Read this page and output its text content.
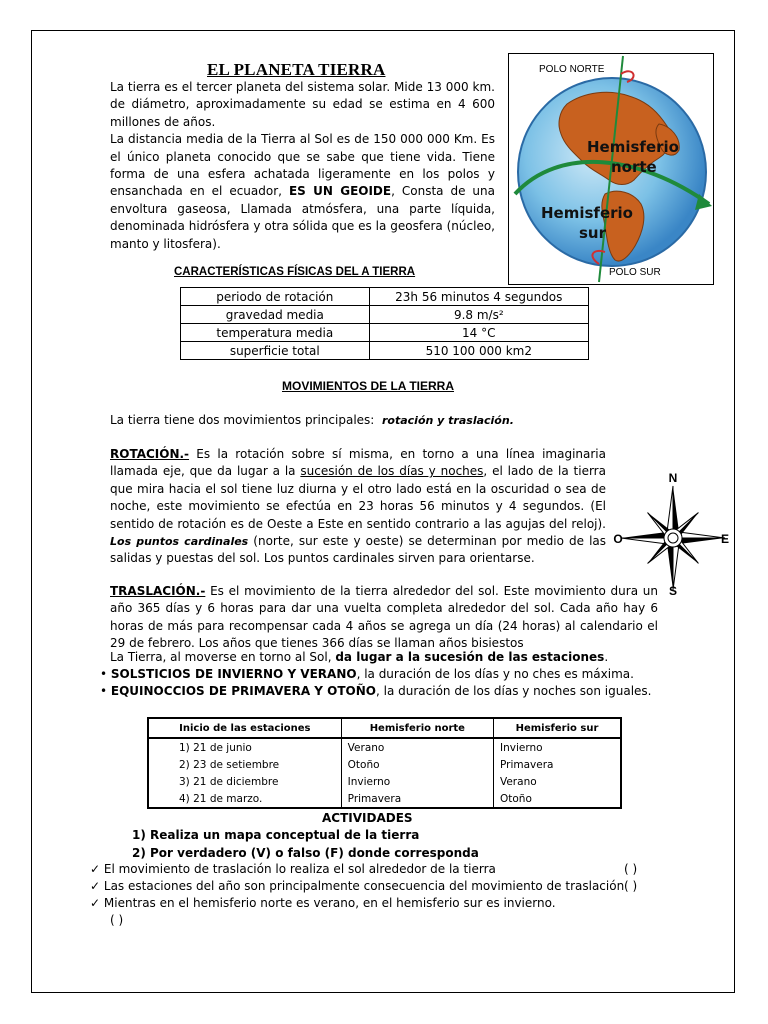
EL PLANETA TIERRA

La tierra es el tercer planeta del sistema solar. Mide 13 000 km. de diámetro, aproximadamente su edad se estima en 4 600 millones de años.

La distancia media de la Tierra al Sol es de 150 000 000 Km. Es el único planeta conocido que se sabe que tiene vida. Tiene forma de una esfera achatada ligeramente en los polos y ensanchada en el ecuador, ES UN GEOIDE, Consta de una envoltura gaseosa, Llamada atmósfera, una parte líquida, denominada hidrósfera y otra sólida que es la geosfera (núcleo, manto y litosfera).

POLO NORTE
POLO SUR
Hemisferio norte
Hemisferio sur
CARACTERÍSTICAS FÍSICAS DEL A TIERRA
periodo de rotación	23h 56 minutos 4 segundos
gravedad media	9.8 m/s²
temperatura media	14 °C
superficie total	510 100 000 km2
MOVIMIENTOS DE LA TIERRA
La tierra tiene dos movimientos principales: rotación y traslación.
ROTACIÓN.- Es la rotación sobre sí misma, en torno a una línea imaginaria llamada eje, que da lugar a la sucesión de los días y noches, el lado de la tierra que mira hacia el sol tiene luz diurna y el otro lado está en la oscuridad o sea de noche, este movimiento se efectúa en 23 horas 56 minutos y 4 segundos. (El sentido de rotación es de Oeste a Este en sentido contrario a las agujas del reloj). Los puntos cardinales (norte, sur este y oeste) se determinan por medio de las salidas y puestas del sol. Los puntos cardinales sirven para orientarse.
N
S
E
O
TRASLACIÓN.- Es el movimiento de la tierra alrededor del sol. Este movimiento dura un año 365 días y 6 horas para dar una vuelta completa alrededor del sol. Cada año hay 6 horas de más para recompensar cada 4 años se agrega un día (24 horas) al calendario el 29 de febrero. Los años que tienes 366 días se llaman años bisiestos
La Tierra, al moverse en torno al Sol, da lugar a la sucesión de las estaciones.
• SOLSTICIOS DE INVIERNO Y VERANO, la duración de los días y no ches es máxima.
• EQUINOCCIOS DE PRIMAVERA Y OTOÑO, la duración de los días y noches son iguales.
Inicio de las estaciones	Hemisferio norte	Hemisferio sur
1) 21 de junio	Verano	Invierno
2) 23 de setiembre	Otoño	Primavera
3) 21 de diciembre	Invierno	Verano
4) 21 de marzo.	Primavera	Otoño
ACTIVIDADES
1) Realiza un mapa conceptual de la tierra
2) Por verdadero (V) o falso (F) donde corresponda
✓ El movimiento de traslación lo realiza el sol alrededor de la tierra	( )
✓ Las estaciones del año son principalmente consecuencia del movimiento de traslación ( )
✓ Mientras en el hemisferio norte es verano, en el hemisferio sur es invierno.
( )
